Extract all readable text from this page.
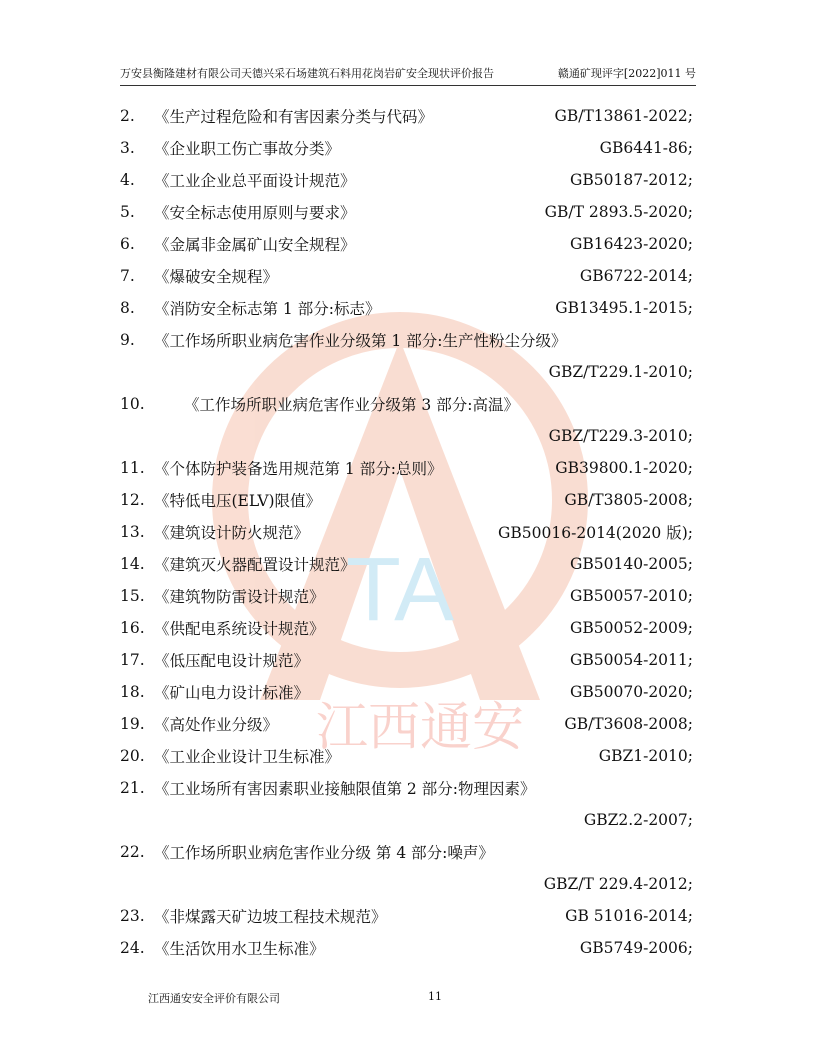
万安县衡隆建材有限公司天德兴采石场建筑石料用花岗岩矿安全现状评价报告	赣通矿现评字[2022]011 号
TA
江西通安
2.	《生产过程危险和有害因素分类与代码》	GB/T13861-2022;
3.	《企业职工伤亡事故分类》	GB6441-86;
4.	《工业企业总平面设计规范》	GB50187-2012;
5.	《安全标志使用原则与要求》	GB/T 2893.5-2020;
6.	《金属非金属矿山安全规程》	GB16423-2020;
7.	《爆破安全规程》	GB6722-2014;
8.	《消防安全标志第 1 部分:标志》	GB13495.1-2015;
9.	《工作场所职业病危害作业分级第 1 部分:生产性粉尘分级》
GBZ/T229.1-2010;
10.	《工作场所职业病危害作业分级第 3 部分:高温》
GBZ/T229.3-2010;
11. 《个体防护装备选用规范第 1 部分:总则》	GB39800.1-2020;
12. 《特低电压(ELV)限值》	GB/T3805-2008;
13. 《建筑设计防火规范》	GB50016-2014(2020 版);
14. 《建筑灭火器配置设计规范》	GB50140-2005;
15. 《建筑物防雷设计规范》	GB50057-2010;
16. 《供配电系统设计规范》	GB50052-2009;
17. 《低压配电设计规范》	GB50054-2011;
18. 《矿山电力设计标准》	GB50070-2020;
19. 《高处作业分级》	GB/T3608-2008;
20. 《工业企业设计卫生标准》	GBZ1-2010;
21. 《工业场所有害因素职业接触限值第 2 部分:物理因素》
GBZ2.2-2007;
22. 《工作场所职业病危害作业分级 第 4 部分:噪声》
GBZ/T 229.4-2012;
23. 《非煤露天矿边坡工程技术规范》	GB 51016-2014;
24. 《生活饮用水卫生标准》	GB5749-2006;
江西通安安全评价有限公司	11
